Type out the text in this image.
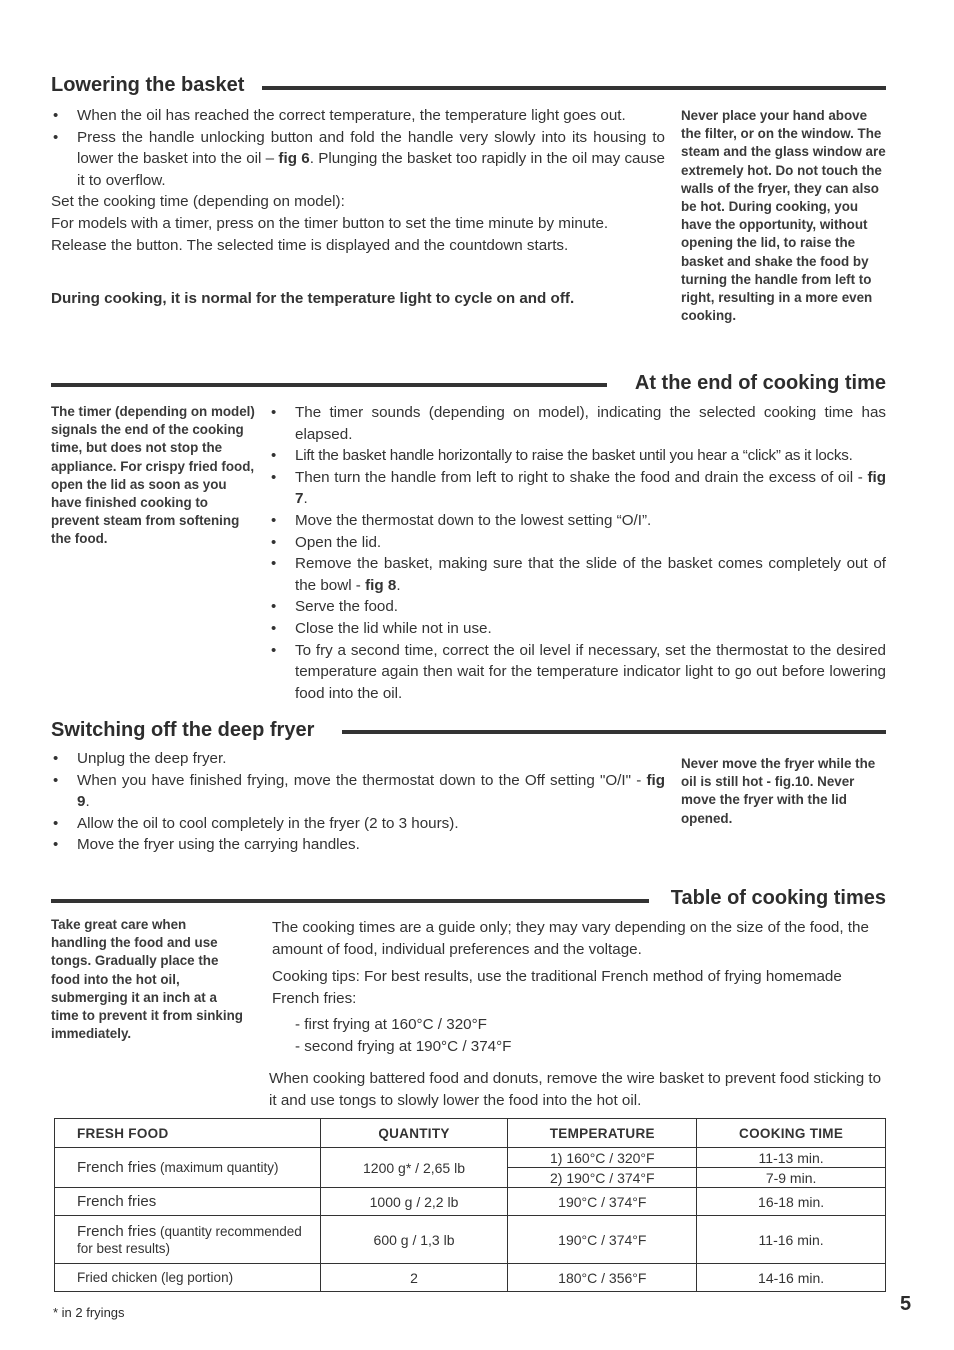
Lowering the basket
• When the oil has reached the correct temperature, the temperature light goes out.
• Press the handle unlocking button and fold the handle very slowly into its housing to lower the basket into the oil – fig 6. Plunging the basket too rapidly in the oil may cause it to overflow.
Set the cooking time (depending on model):
For models with a timer, press on the timer button to set the time minute by minute. Release the button. The selected time is displayed and the countdown starts.
During cooking, it is normal for the temperature light to cycle on and off.
Never place your hand above the filter, or on the window. The steam and the glass window are extremely hot. Do not touch the walls of the fryer, they can also be hot. During cooking, you have the opportunity, without opening the lid, to raise the basket and shake the food by turning the handle from left to right, resulting in a more even cooking.
At the end of cooking time
The timer (depending on model) signals the end of the cooking time, but does not stop the appliance. For crispy fried food, open the lid as soon as you have finished cooking to prevent steam from softening the food.
• The timer sounds (depending on model), indicating the selected cooking time has elapsed.
• Lift the basket handle horizontally to raise the basket until you hear a “click” as it locks.
• Then turn the handle from left to right to shake the food and drain the excess of oil - fig 7.
• Move the thermostat down to the lowest setting “O/I”.
• Open the lid.
• Remove the basket, making sure that the slide of the basket comes completely out of the bowl - fig 8.
• Serve the food.
• Close the lid while not in use.
• To fry a second time, correct the oil level if necessary, set the thermostat to the desired temperature again then wait for the temperature indicator light to go out before lowering food into the oil.
Switching off the deep fryer
• Unplug the deep fryer.
• When you have finished frying, move the thermostat down to the Off setting "O/I" - fig 9.
• Allow the oil to cool completely in the fryer (2 to 3 hours).
• Move the fryer using the carrying handles.
Never move the fryer while the oil is still hot - fig.10. Never move the fryer with the lid opened.
Table of cooking times
Take great care when handling the food and use tongs. Gradually place the food into the hot oil, submerging it an inch at a time to prevent it from sinking immediately.
The cooking times are a guide only; they may vary depending on the size of the food, the amount of food, individual preferences and the voltage.
Cooking tips: For best results, use the traditional French method of frying homemade French fries:
- first frying at 160°C / 320°F
- second frying at 190°C / 374°F
When cooking battered food and donuts, remove the wire basket to prevent food sticking to it and use tongs to slowly lower the food into the hot oil.
FRESH FOOD	QUANTITY	TEMPERATURE	COOKING TIME
French fries (maximum quantity)	1200 g* / 2,65 lb	1) 160°C / 320°F	11-13 min.
		2) 190°C / 374°F	7-9 min.
French fries	1000 g / 2,2 lb	190°C / 374°F	16-18 min.
French fries (quantity recommended for best results)	600 g / 1,3 lb	190°C / 374°F	11-16 min.
Fried chicken (leg portion)	2	180°C / 356°F	14-16 min.
* in 2 fryings	5
